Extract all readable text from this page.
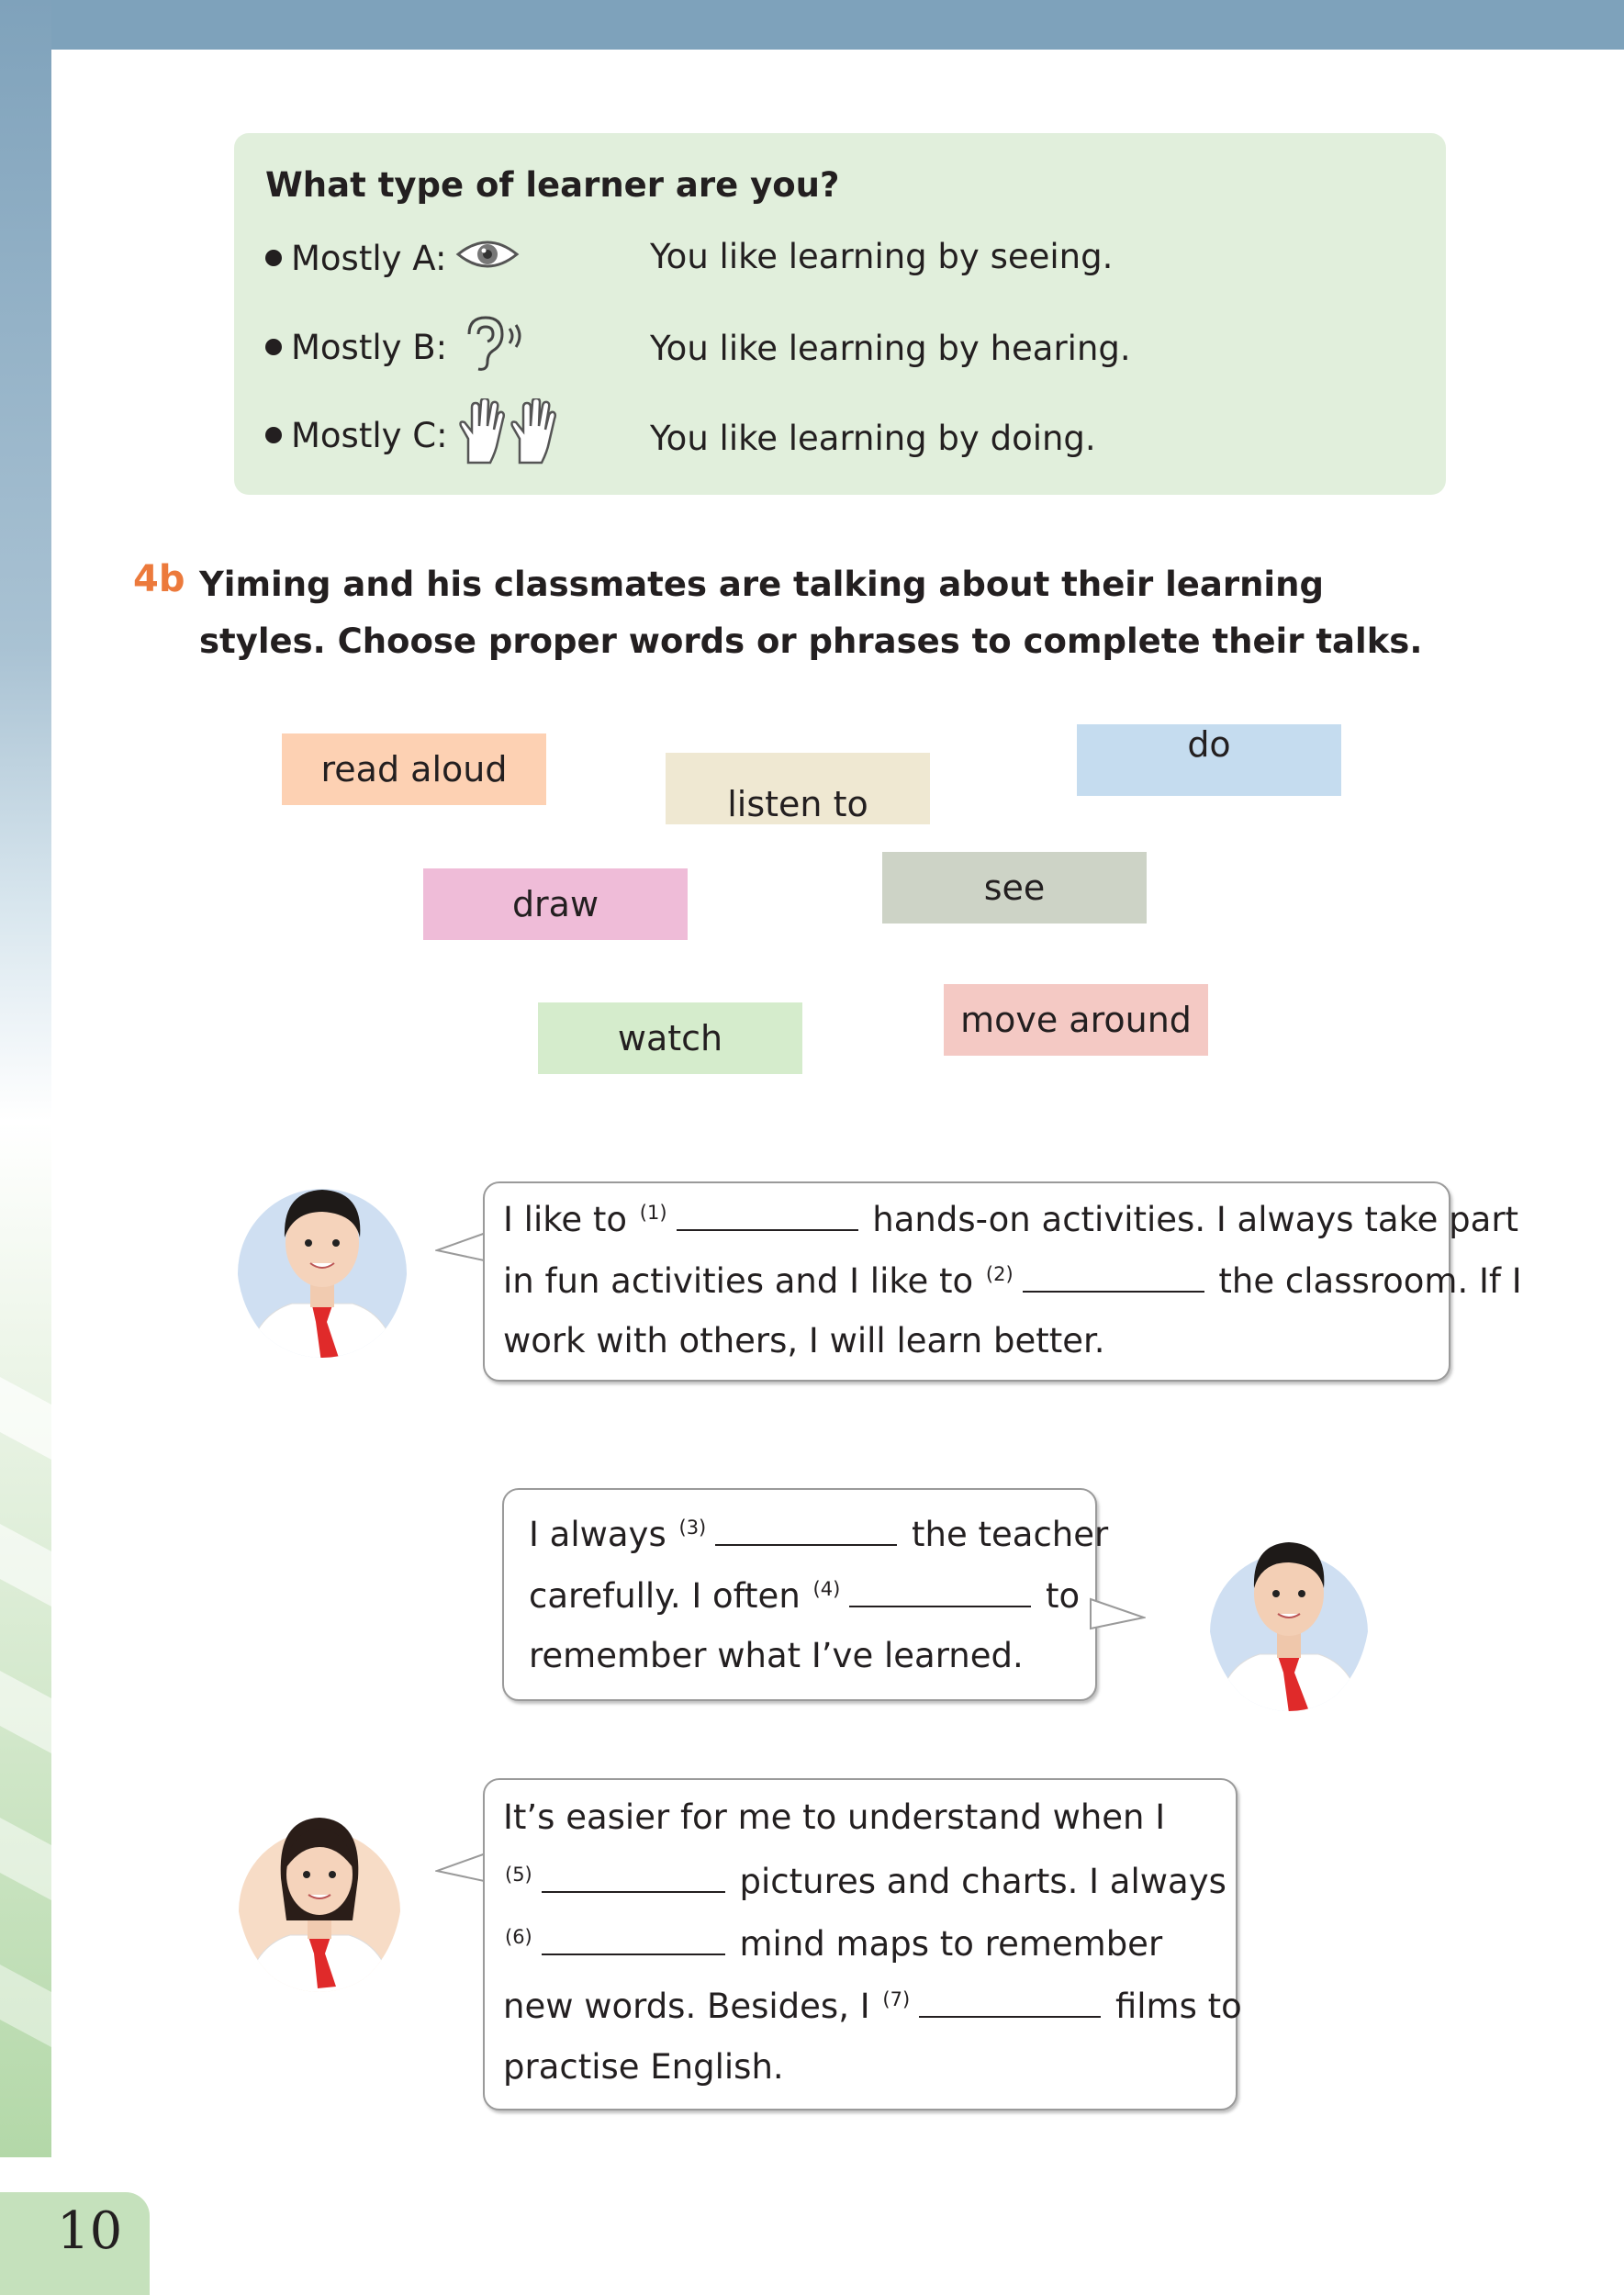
10
What type of learner are you?
Mostly A:	You like learning by seeing.
Mostly B:	You like learning by hearing.
Mostly C:	You like learning by doing.
4b Yiming and his classmates are talking about their learning styles. Choose proper words or phrases to complete their talks.
read aloud
listen to
do
draw	see
watch	move around
I like to $^{(1)}$	hands-on activities. I always take part
in fun activities and I like to $^{(2)}$	the classroom. If I
work with others, I will learn better.
I always $^{(3)}$	the teacher
carefully. I often $^{(4)}$	to
remember what I’ve learned.
It’s easier for me to understand when I
$^{(5)}$	pictures and charts. I always
$^{(6)}$	mind maps to remember
new words. Besides, I $^{(7)}$	films to
practise English.
